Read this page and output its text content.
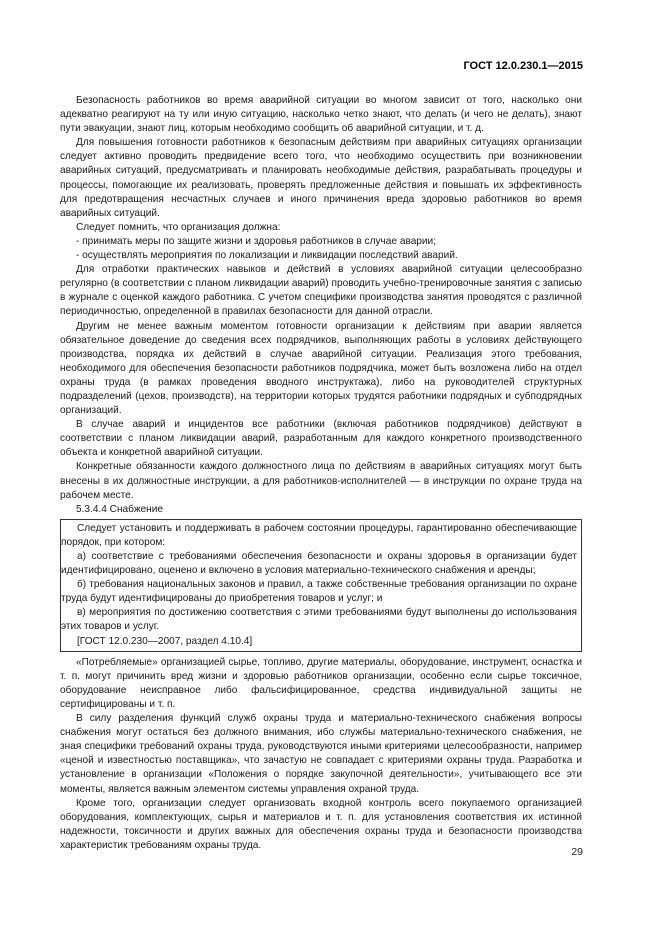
ГОСТ 12.0.230.1—2015

Безопасность работников во время аварийной ситуации во многом зависит от того, насколько они адекватно реагируют на ту или иную ситуацию, насколько четко знают, что делать (и чего не делать), знают пути эвакуации, знают лиц, которым необходимо сообщить об аварийной ситуации, и т. д.

Для повышения готовности работников к безопасным действиям при аварийных ситуациях организации следует активно проводить предвидение всего того, что необходимо осуществить при возникновении аварийных ситуаций, предусматривать и планировать необходимые действия, разрабатывать процедуры и процессы, помогающие их реализовать, проверять предложенные действия и повышать их эффективность для предотвращения несчастных случаев и иного причинения вреда здоровью работников во время аварийных ситуаций.

Следует помнить, что организация должна:

- принимать меры по защите жизни и здоровья работников в случае аварии;

- осуществлять мероприятия по локализации и ликвидации последствий аварий.

Для отработки практических навыков и действий в условиях аварийной ситуации целесообразно регулярно (в соответствии с планом ликвидации аварий) проводить учебно-тренировочные занятия с записью в журнале с оценкой каждого работника. С учетом специфики производства занятия проводятся с различной периодичностью, определенной в правилах безопасности для данной отрасли.

Другим не менее важным моментом готовности организации к действиям при аварии является обязательное доведение до сведения всех подрядчиков, выполняющих работы в условиях действующего производства, порядка их действий в случае аварийной ситуации. Реализация этого требования, необходимого для обеспечения безопасности работников подрядчика, может быть возложена либо на отдел охраны труда (в рамках проведения вводного инструктажа), либо на руководителей структурных подразделений (цехов, производств), на территории которых трудятся работники подрядных и субподрядных организаций.

В случае аварий и инцидентов все работники (включая работников подрядчиков) действуют в соответствии с планом ликвидации аварий, разработанным для каждого конкретного производственного объекта и конкретной аварийной ситуации.

Конкретные обязанности каждого должностного лица по действиям в аварийных ситуациях могут быть внесены в их должностные инструкции, а для работников-исполнителей — в инструкции по охране труда на рабочем месте.

5.3.4.4 Снабжение

Следует установить и поддерживать в рабочем состоянии процедуры, гарантированно обеспечивающие порядок, при котором:

а) соответствие с требованиями обеспечения безопасности и охраны здоровья в организации будет идентифицировано, оценено и включено в условия материально-технического снабжения и аренды;

б) требования национальных законов и правил, а также собственные требования организации по охране труда будут идентифицированы до приобретения товаров и услуг; и

в) мероприятия по достижению соответствия с этими требованиями будут выполнены до использования этих товаров и услуг.

[ГОСТ 12.0.230—2007, раздел 4.10.4]

«Потребляемые» организацией сырье, топливо, другие материалы, оборудование, инструмент, оснастка и т. п. могут причинить вред жизни и здоровью работников организации, особенно если сырье токсичное, оборудование неисправное либо фальсифицированное, средства индивидуальной защиты не сертифицированы и т. п.

В силу разделения функций служб охраны труда и материально-технического снабжения вопросы снабжения могут остаться без должного внимания, ибо службы материально-технического снабжения, не зная специфики требований охраны труда, руководствуются иными критериями целесообразности, например «ценой и известностью поставщика», что зачастую не совпадает с критериями охраны труда. Разработка и установление в организации «Положения о порядке закупочной деятельности», учитывающего все эти моменты, является важным элементом системы управления охраной труда.

Кроме того, организации следует организовать входной контроль всего покупаемого организацией оборудования, комплектующих, сырья и материалов и т. п. для установления соответствия их истинной надежности, токсичности и других важных для обеспечения охраны труда и безопасности производства характеристик требованиям охраны труда.

29
